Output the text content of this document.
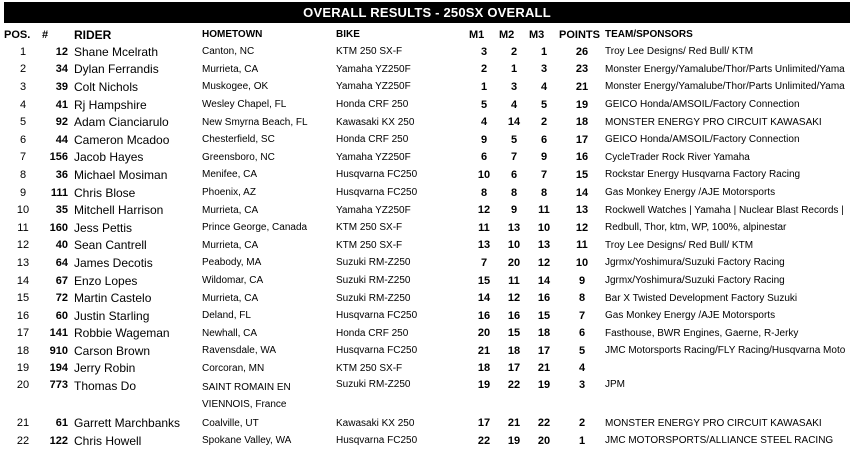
OVERALL RESULTS - 250SX OVERALL
POS.	#	RIDER	HOMETOWN	BIKE	M1	M2	M3	POINTS	TEAM/SPONSORS
1	12	Shane Mcelrath	Canton, NC	KTM 250 SX-F	3	2	1	26	Troy Lee Designs/ Red Bull/ KTM
2	34	Dylan Ferrandis	Murrieta, CA	Yamaha YZ250F	2	1	3	23	Monster Energy/Yamalube/Thor/Parts Unlimited/Yama
3	39	Colt Nichols	Muskogee, OK	Yamaha YZ250F	1	3	4	21	Monster Energy/Yamalube/Thor/Parts Unlimited/Yama
4	41	Rj Hampshire	Wesley Chapel, FL	Honda CRF 250	5	4	5	19	GEICO Honda/AMSOIL/Factory Connection
5	92	Adam Cianciarulo	New Smyrna Beach, FL	Kawasaki KX 250	4	14	2	18	MONSTER ENERGY PRO CIRCUIT KAWASAKI
6	44	Cameron Mcadoo	Chesterfield, SC	Honda CRF 250	9	5	6	17	GEICO Honda/AMSOIL/Factory Connection
7	156	Jacob Hayes	Greensboro, NC	Yamaha YZ250F	6	7	9	16	CycleTrader Rock River Yamaha
8	36	Michael Mosiman	Menifee, CA	Husqvarna FC250	10	6	7	15	Rockstar Energy Husqvarna Factory Racing
9	111	Chris Blose	Phoenix, AZ	Husqvarna FC250	8	8	8	14	Gas Monkey Energy /AJE Motorsports
10	35	Mitchell Harrison	Murrieta, CA	Yamaha YZ250F	12	9	11	13	Rockwell Watches | Yamaha | Nuclear Blast Records |
11	160	Jess Pettis	Prince George, Canada	KTM 250 SX-F	11	13	10	12	Redbull, Thor, ktm, WP, 100%, alpinestar
12	40	Sean Cantrell	Murrieta, CA	KTM 250 SX-F	13	10	13	11	Troy Lee Designs/ Red Bull/ KTM
13	64	James Decotis	Peabody, MA	Suzuki RM-Z250	7	20	12	10	Jgrmx/Yoshimura/Suzuki Factory Racing
14	67	Enzo Lopes	Wildomar, CA	Suzuki RM-Z250	15	11	14	9	Jgrmx/Yoshimura/Suzuki Factory Racing
15	72	Martin Castelo	Murrieta, CA	Suzuki RM-Z250	14	12	16	8	Bar X Twisted Development Factory Suzuki
16	60	Justin Starling	Deland, FL	Husqvarna FC250	16	16	15	7	Gas Monkey Energy /AJE Motorsports
17	141	Robbie Wageman	Newhall, CA	Honda CRF 250	20	15	18	6	Fasthouse, BWR Engines, Gaerne, R-Jerky
18	910	Carson Brown	Ravensdale, WA	Husqvarna FC250	21	18	17	5	JMC Motorsports Racing/FLY Racing/Husqvarna Moto
19	194	Jerry Robin	Corcoran, MN	KTM 250 SX-F	18	17	21	4	
20	773	Thomas Do	SAINT ROMAIN EN VIENNOIS, France	Suzuki RM-Z250	19	22	19	3	JPM
21	61	Garrett Marchbanks	Coalville, UT	Kawasaki KX 250	17	21	22	2	MONSTER ENERGY PRO CIRCUIT KAWASAKI
22	122	Chris Howell	Spokane Valley, WA	Husqvarna FC250	22	19	20	1	JMC MOTORSPORTS/ALLIANCE STEEL RACING
